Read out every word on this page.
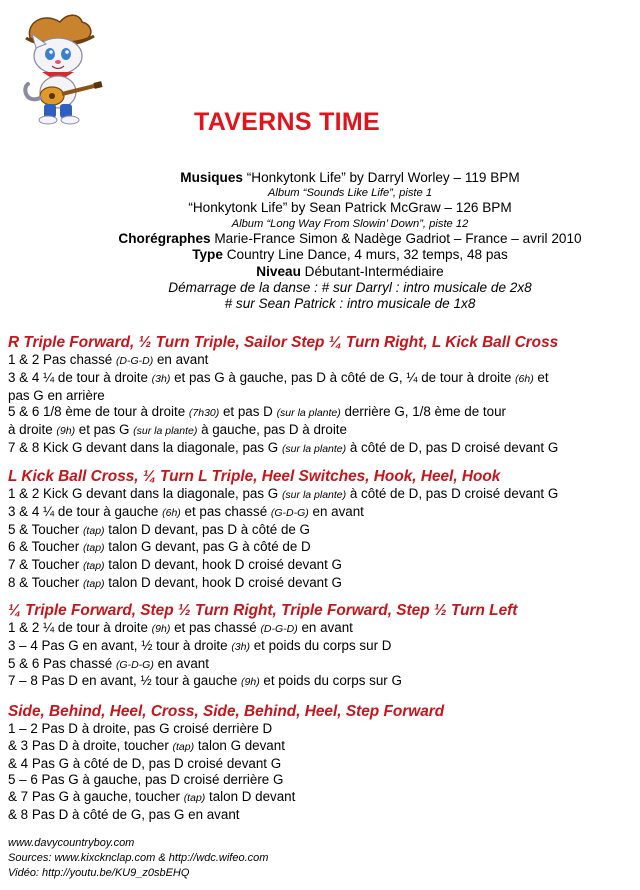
TAVERNS TIME
Musiques “Honkytonk Life” by Darryl Worley – 119 BPM
Album “Sounds Like Life”, piste 1
“Honkytonk Life” by Sean Patrick McGraw – 126 BPM
Album “Long Way From Slowin’ Down”, piste 12
Chorégraphes Marie-France Simon & Nadège Gadriot – France – avril 2010
Type Country Line Dance, 4 murs, 32 temps, 48 pas
Niveau Débutant-Intermédiaire
Démarrage de la danse : # sur Darryl : intro musicale de 2x8
# sur Sean Patrick : intro musicale de 1x8
R Triple Forward, ½ Turn Triple, Sailor Step ¼ Turn Right, L Kick Ball Cross
1 & 2 Pas chassé (D-G-D) en avant
3 & 4 ¼ de tour à droite (3h) et pas G à gauche, pas D à côté de G, ¼ de tour à droite (6h) et
pas G en arrière
5 & 6 1/8 ème de tour à droite (7h30) et pas D (sur la plante) derrière G, 1/8 ème de tour
à droite (9h) et pas G (sur la plante) à gauche, pas D à droite
7 & 8 Kick G devant dans la diagonale, pas G (sur la plante) à côté de D, pas D croisé devant G
L Kick Ball Cross, ¼ Turn L Triple, Heel Switches, Hook, Heel, Hook
1 & 2 Kick G devant dans la diagonale, pas G (sur la plante) à côté de D, pas D croisé devant G
3 & 4 ¼ de tour à gauche (6h) et pas chassé (G-D-G) en avant
5 & Toucher (tap) talon D devant, pas D à côté de G
6 & Toucher (tap) talon G devant, pas G à côté de D
7 & Toucher (tap) talon D devant, hook D croisé devant G
8 & Toucher (tap) talon D devant, hook D croisé devant G
¼ Triple Forward, Step ½ Turn Right, Triple Forward, Step ½ Turn Left
1 & 2 ¼ de tour à droite (9h) et pas chassé (D-G-D) en avant
3 – 4 Pas G en avant, ½ tour à droite (3h) et poids du corps sur D
5 & 6 Pas chassé (G-D-G) en avant
7 – 8 Pas D en avant, ½ tour à gauche (9h) et poids du corps sur G
Side, Behind, Heel, Cross, Side, Behind, Heel, Step Forward
1 – 2 Pas D à droite, pas G croisé derrière D
& 3 Pas D à droite, toucher (tap) talon G devant
& 4 Pas G à côté de D, pas D croisé devant G
5 – 6 Pas G à gauche, pas D croisé derrière G
& 7 Pas G à gauche, toucher (tap) talon D devant
& 8 Pas D à côté de G, pas G en avant
www.davycountryboy.com
Sources: www.kixcknclap.com & http://wdc.wifeo.com
Vidéo: http://youtu.be/KU9_z0sbEHQ
